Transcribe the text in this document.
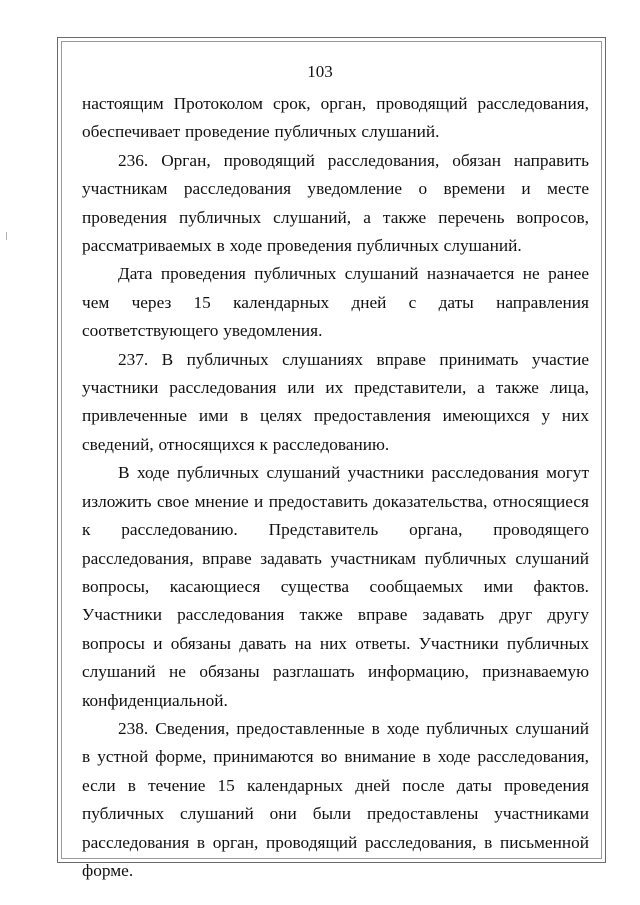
103

настоящим Протоколом срок, орган, проводящий расследования, обеспечивает проведение публичных слушаний.

236. Орган, проводящий расследования, обязан направить участникам расследования уведомление о времени и месте проведения публичных слушаний, а также перечень вопросов, рассматриваемых в ходе проведения публичных слушаний.

Дата проведения публичных слушаний назначается не ранее чем через 15 календарных дней с даты направления соответствующего уведомления.

237. В публичных слушаниях вправе принимать участие участники расследования или их представители, а также лица, привлеченные ими в целях предоставления имеющихся у них сведений, относящихся к расследованию.

В ходе публичных слушаний участники расследования могут изложить свое мнение и предоставить доказательства, относящиеся к расследованию. Представитель органа, проводящего расследования, вправе задавать участникам публичных слушаний вопросы, касающиеся существа сообщаемых ими фактов. Участники расследования также вправе задавать друг другу вопросы и обязаны давать на них ответы. Участники публичных слушаний не обязаны разглашать информацию, признаваемую конфиденциальной.

238. Сведения, предоставленные в ходе публичных слушаний в устной форме, принимаются во внимание в ходе расследования, если в течение 15 календарных дней после даты проведения публичных слушаний они были предоставлены участниками расследования в орган, проводящий расследования, в письменной форме.
